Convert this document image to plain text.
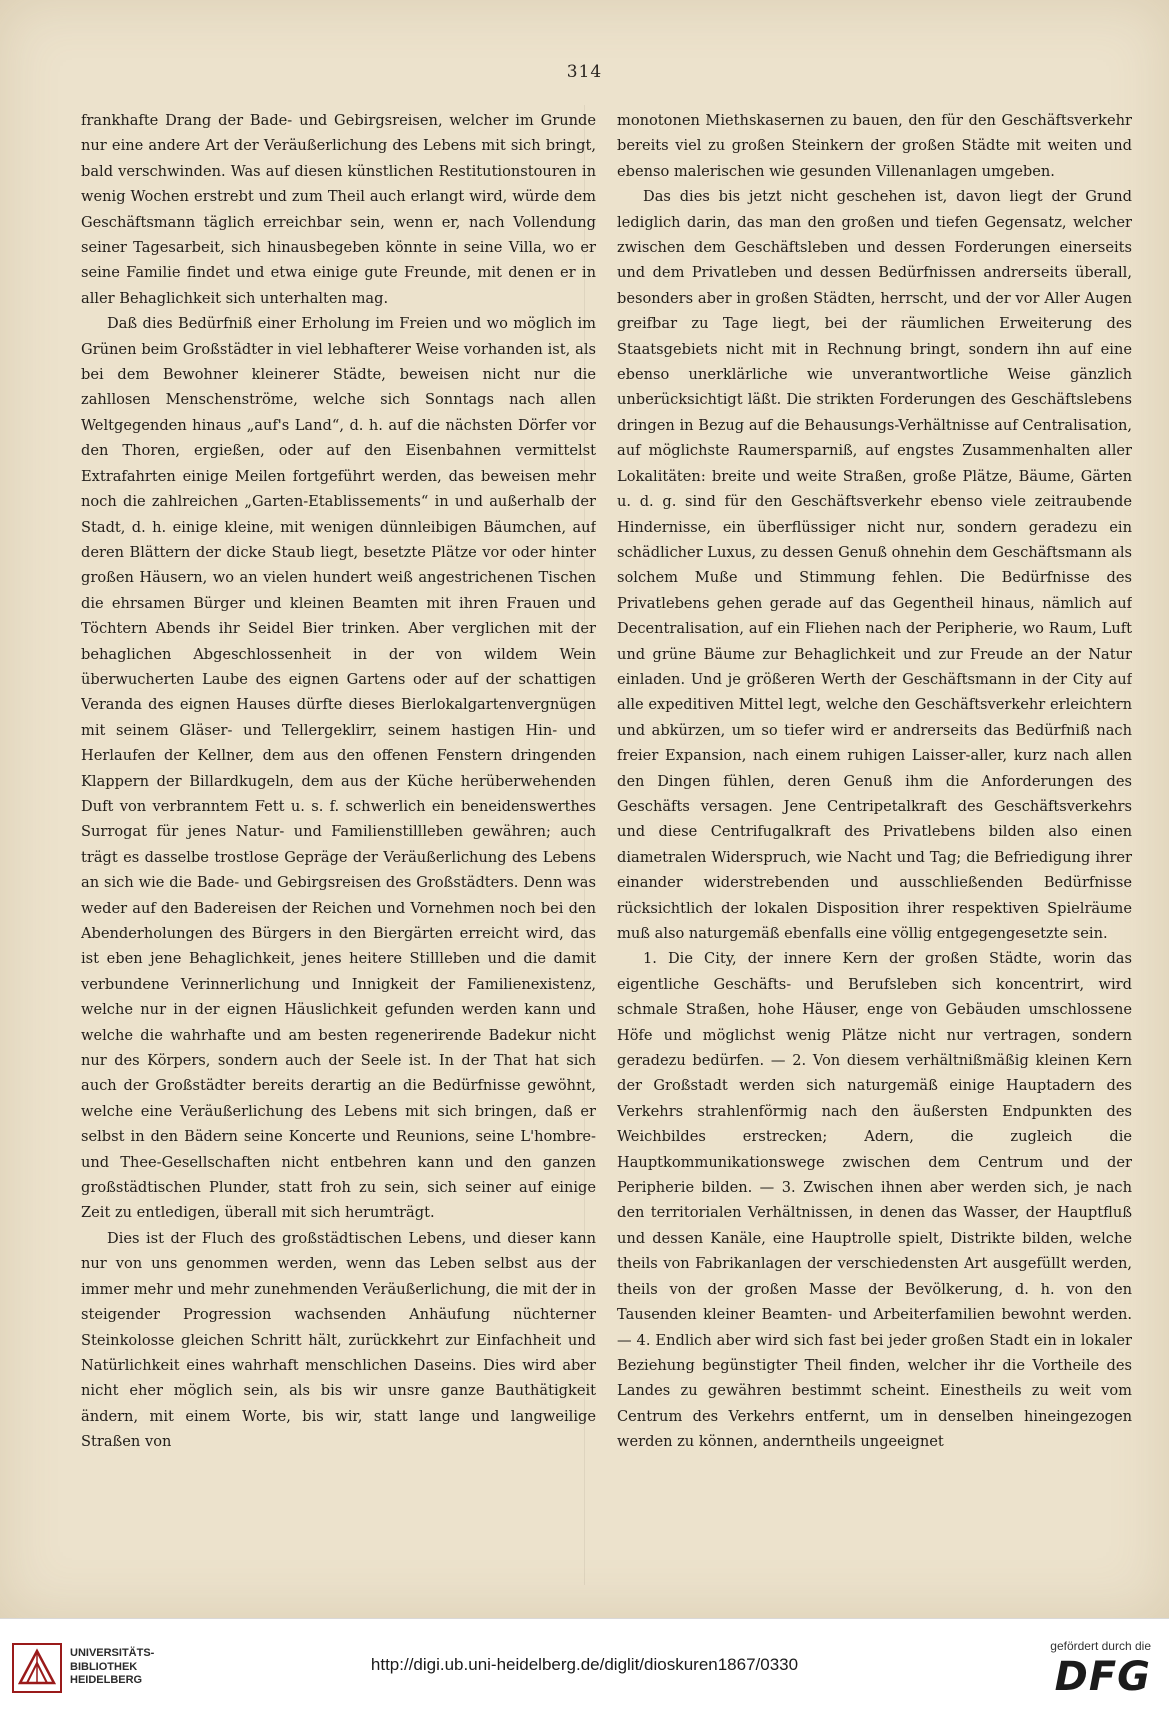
314

frankhafte Drang der Bade- und Gebirgsreisen, welcher im Grunde nur eine andere Art der Veräußerlichung des Lebens mit sich bringt, bald verschwinden. Was auf diesen künstlichen Restitutionstouren in wenig Wochen erstrebt und zum Theil auch erlangt wird, würde dem Geschäftsmann täglich erreichbar sein, wenn er, nach Vollendung seiner Tagesarbeit, sich hinausbegeben könnte in seine Villa, wo er seine Familie findet und etwa einige gute Freunde, mit denen er in aller Behaglichkeit sich unterhalten mag.

Daß dies Bedürfniß einer Erholung im Freien und wo möglich im Grünen beim Großstädter in viel lebhafterer Weise vorhanden ist, als bei dem Bewohner kleinerer Städte, beweisen nicht nur die zahllosen Menschenströme, welche sich Sonntags nach allen Weltgegenden hinaus „auf's Land“, d. h. auf die nächsten Dörfer vor den Thoren, ergießen, oder auf den Eisenbahnen vermittelst Extrafahrten einige Meilen fortgeführt werden, das beweisen mehr noch die zahlreichen „Garten-Etablissements“ in und außerhalb der Stadt, d. h. einige kleine, mit wenigen dünnleibigen Bäumchen, auf deren Blättern der dicke Staub liegt, besetzte Plätze vor oder hinter großen Häusern, wo an vielen hundert weiß angestrichenen Tischen die ehrsamen Bürger und kleinen Beamten mit ihren Frauen und Töchtern Abends ihr Seidel Bier trinken. Aber verglichen mit der behaglichen Abgeschlossenheit in der von wildem Wein überwucherten Laube des eignen Gartens oder auf der schattigen Veranda des eignen Hauses dürfte dieses Bierlokalgartenvergnügen mit seinem Gläser- und Tellergeklirr, seinem hastigen Hin- und Herlaufen der Kellner, dem aus den offenen Fenstern dringenden Klappern der Billardkugeln, dem aus der Küche herüberwehenden Duft von verbranntem Fett u. s. f. schwerlich ein beneidenswerthes Surrogat für jenes Natur- und Familienstillleben gewähren; auch trägt es dasselbe trostlose Gepräge der Veräußerlichung des Lebens an sich wie die Bade- und Gebirgsreisen des Großstädters. Denn was weder auf den Badereisen der Reichen und Vornehmen noch bei den Abenderholungen des Bürgers in den Biergärten erreicht wird, das ist eben jene Behaglichkeit, jenes heitere Stillleben und die damit verbundene Verinnerlichung und Innigkeit der Familienexistenz, welche nur in der eignen Häuslichkeit gefunden werden kann und welche die wahrhafte und am besten regenerirende Badekur nicht nur des Körpers, sondern auch der Seele ist. In der That hat sich auch der Großstädter bereits derartig an die Bedürfnisse gewöhnt, welche eine Veräußerlichung des Lebens mit sich bringen, daß er selbst in den Bädern seine Koncerte und Reunions, seine L'hombre- und Thee-Gesellschaften nicht entbehren kann und den ganzen großstädtischen Plunder, statt froh zu sein, sich seiner auf einige Zeit zu entledigen, überall mit sich herumträgt.

Dies ist der Fluch des großstädtischen Lebens, und dieser kann nur von uns genommen werden, wenn das Leben selbst aus der immer mehr und mehr zunehmenden Veräußerlichung, die mit der in steigender Progression wachsenden Anhäufung nüchterner Steinkolosse gleichen Schritt hält, zurückkehrt zur Einfachheit und Natürlichkeit eines wahrhaft menschlichen Daseins. Dies wird aber nicht eher möglich sein, als bis wir unsre ganze Bauthätigkeit ändern, mit einem Worte, bis wir, statt lange und langweilige Straßen von

monotonen Miethskasernen zu bauen, den für den Geschäftsverkehr bereits viel zu großen Steinkern der großen Städte mit weiten und ebenso malerischen wie gesunden Villenanlagen umgeben.

Das dies bis jetzt nicht geschehen ist, davon liegt der Grund lediglich darin, das man den großen und tiefen Gegensatz, welcher zwischen dem Geschäftsleben und dessen Forderungen einerseits und dem Privatleben und dessen Bedürfnissen andrerseits überall, besonders aber in großen Städten, herrscht, und der vor Aller Augen greifbar zu Tage liegt, bei der räumlichen Erweiterung des Staatsgebiets nicht mit in Rechnung bringt, sondern ihn auf eine ebenso unerklärliche wie unverantwortliche Weise gänzlich unberücksichtigt läßt. Die strikten Forderungen des Geschäftslebens dringen in Bezug auf die Behausungs-Verhältnisse auf Centralisation, auf möglichste Raumersparniß, auf engstes Zusammenhalten aller Lokalitäten: breite und weite Straßen, große Plätze, Bäume, Gärten u. d. g. sind für den Geschäftsverkehr ebenso viele zeitraubende Hindernisse, ein überflüssiger nicht nur, sondern geradezu ein schädlicher Luxus, zu dessen Genuß ohnehin dem Geschäftsmann als solchem Muße und Stimmung fehlen. Die Bedürfnisse des Privatlebens gehen gerade auf das Gegentheil hinaus, nämlich auf Decentralisation, auf ein Fliehen nach der Peripherie, wo Raum, Luft und grüne Bäume zur Behaglichkeit und zur Freude an der Natur einladen. Und je größeren Werth der Geschäftsmann in der City auf alle expeditiven Mittel legt, welche den Geschäftsverkehr erleichtern und abkürzen, um so tiefer wird er andrerseits das Bedürfniß nach freier Expansion, nach einem ruhigen Laisser-aller, kurz nach allen den Dingen fühlen, deren Genuß ihm die Anforderungen des Geschäfts versagen. Jene Centripetalkraft des Geschäftsverkehrs und diese Centrifugalkraft des Privatlebens bilden also einen diametralen Widerspruch, wie Nacht und Tag; die Befriedigung ihrer einander widerstrebenden und ausschließenden Bedürfnisse rücksichtlich der lokalen Disposition ihrer respektiven Spielräume muß also naturgemäß ebenfalls eine völlig entgegengesetzte sein.

1. Die City, der innere Kern der großen Städte, worin das eigentliche Geschäfts- und Berufsleben sich koncentrirt, wird schmale Straßen, hohe Häuser, enge von Gebäuden umschlossene Höfe und möglichst wenig Plätze nicht nur vertragen, sondern geradezu bedürfen. — 2. Von diesem verhältnißmäßig kleinen Kern der Großstadt werden sich naturgemäß einige Hauptadern des Verkehrs strahlenförmig nach den äußersten Endpunkten des Weichbildes erstrecken; Adern, die zugleich die Hauptkommunikationswege zwischen dem Centrum und der Peripherie bilden. — 3. Zwischen ihnen aber werden sich, je nach den territorialen Verhältnissen, in denen das Wasser, der Hauptfluß und dessen Kanäle, eine Hauptrolle spielt, Distrikte bilden, welche theils von Fabrikanlagen der verschiedensten Art ausgefüllt werden, theils von der großen Masse der Bevölkerung, d. h. von den Tausenden kleiner Beamten- und Arbeiterfamilien bewohnt werden. — 4. Endlich aber wird sich fast bei jeder großen Stadt ein in lokaler Beziehung begünstigter Theil finden, welcher ihr die Vortheile des Landes zu gewähren bestimmt scheint. Einestheils zu weit vom Centrum des Verkehrs entfernt, um in denselben hineingezogen werden zu können, anderntheils ungeeignet

UNIVERSITÄTS-
BIBLIOTHEK
HEIDELBERG
http://digi.ub.uni-heidelberg.de/diglit/dioskuren1867/0330
gefördert durch die
DFG
